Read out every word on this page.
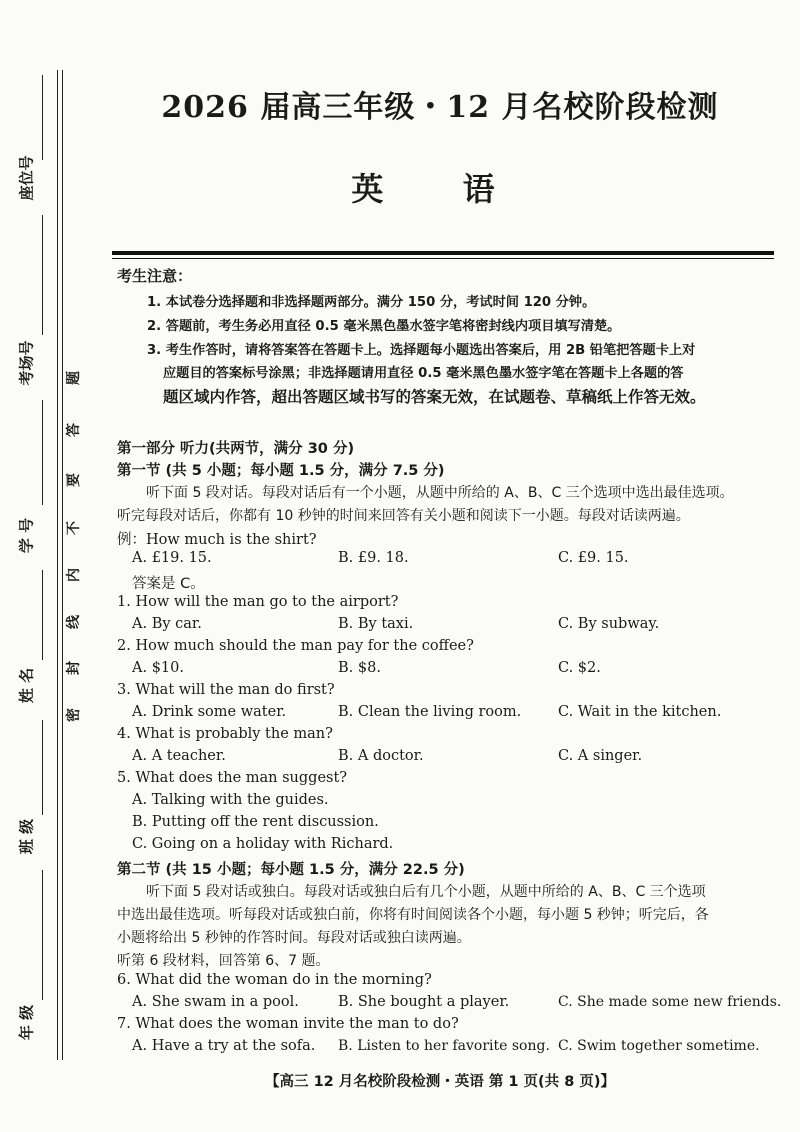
座位号
考场号
学 号
姓 名
班 级
年 级
题
答
要
不
内
线
封
密
2026 届高三年级・12 月名校阶段检测
英 语
考生注意：
1. 本试卷分选择题和非选择题两部分。满分 150 分，考试时间 120 分钟。
2. 答题前，考生务必用直径 0.5 毫米黑色墨水签字笔将密封线内项目填写清楚。
3. 考生作答时，请将答案答在答题卡上。选择题每小题选出答案后，用 2B 铅笔把答题卡上对
应题目的答案标号涂黑；非选择题请用直径 0.5 毫米黑色墨水签字笔在答题卡上各题的答
题区域内作答，超出答题区域书写的答案无效，在试题卷、草稿纸上作答无效。
第一部分 听力(共两节，满分 30 分)
第一节 (共 5 小题；每小题 1.5 分，满分 7.5 分)
听下面 5 段对话。每段对话后有一个小题，从题中所给的 A、B、C 三个选项中选出最佳选项。
听完每段对话后，你都有 10 秒钟的时间来回答有关小题和阅读下一小题。每段对话读两遍。
例：How much is the shirt?
A. £19. 15.	B. £9. 18.	C. £9. 15.
答案是 C。
1. How will the man go to the airport?
A. By car.	B. By taxi.	C. By subway.
2. How much should the man pay for the coffee?
A. $10.	B. $8.	C. $2.
3. What will the man do first?
A. Drink some water.	B. Clean the living room.	C. Wait in the kitchen.
4. What is probably the man?
A. A teacher.	B. A doctor.	C. A singer.
5. What does the man suggest?
A. Talking with the guides.
B. Putting off the rent discussion.
C. Going on a holiday with Richard.
第二节 (共 15 小题；每小题 1.5 分，满分 22.5 分)
听下面 5 段对话或独白。每段对话或独白后有几个小题，从题中所给的 A、B、C 三个选项
中选出最佳选项。听每段对话或独白前，你将有时间阅读各个小题，每小题 5 秒钟；听完后，各
小题将给出 5 秒钟的作答时间。每段对话或独白读两遍。
听第 6 段材料，回答第 6、7 题。
6. What did the woman do in the morning?
A. She swam in a pool.	B. She bought a player.	C. She made some new friends.
7. What does the woman invite the man to do?
A. Have a try at the sofa. B. Listen to her favorite song. C. Swim together sometime.
【高三 12 月名校阶段检测・英语 第 1 页(共 8 页)】
